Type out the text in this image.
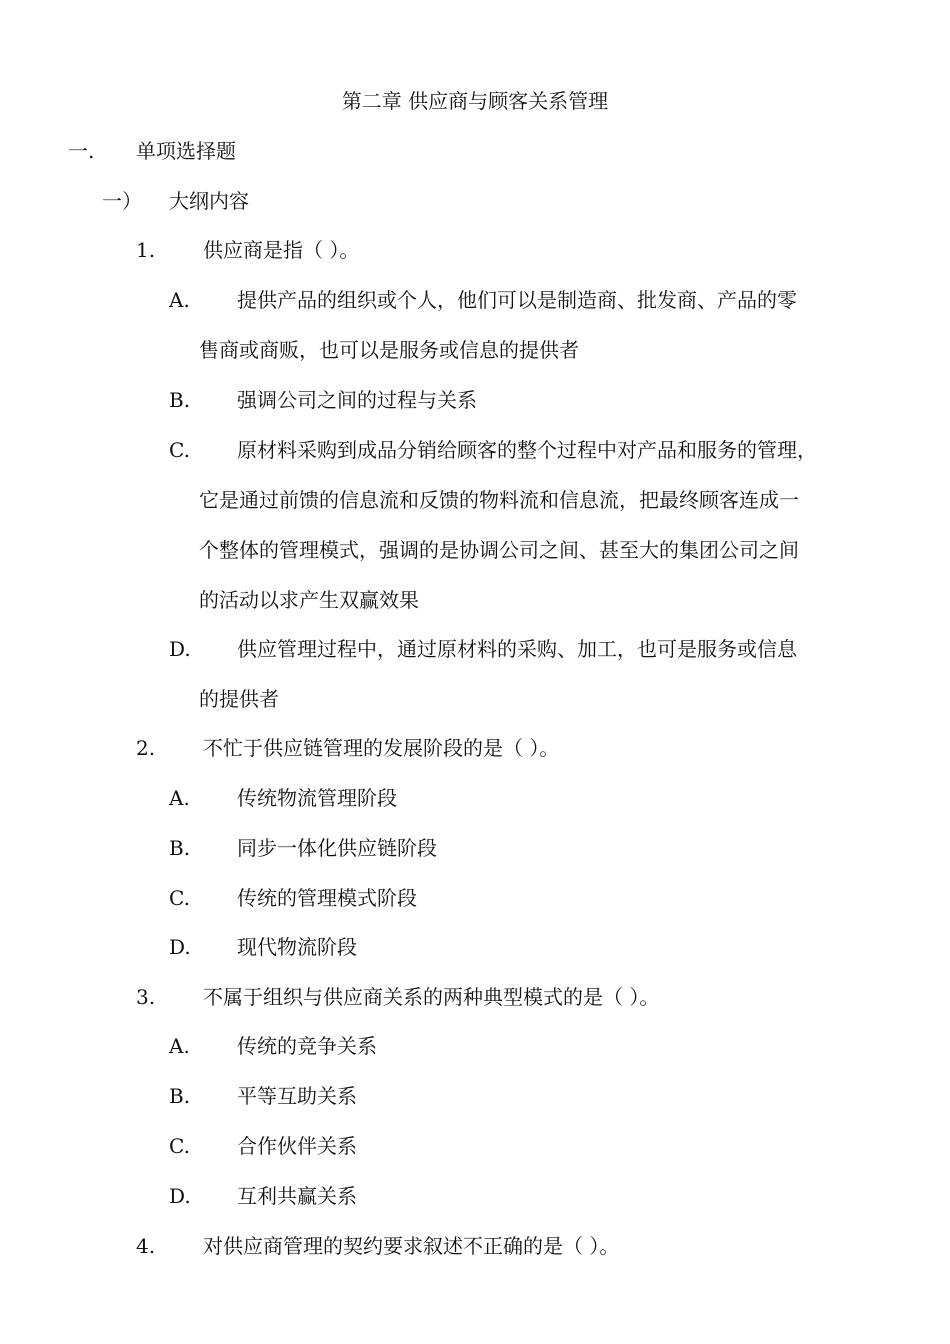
第二章 供应商与顾客关系管理
一. 单项选择题
一） 大纲内容
1. 供应商是指（ ）。
A. 提供产品的组织或个人，他们可以是制造商、批发商、产品的零
售商或商贩，也可以是服务或信息的提供者
B. 强调公司之间的过程与关系
C. 原材料采购到成品分销给顾客的整个过程中对产品和服务的管理，
它是通过前馈的信息流和反馈的物料流和信息流，把最终顾客连成一
个整体的管理模式，强调的是协调公司之间、甚至大的集团公司之间
的活动以求产生双赢效果
D. 供应管理过程中，通过原材料的采购、加工，也可是服务或信息
的提供者
2. 不忙于供应链管理的发展阶段的是（ ）。
A. 传统物流管理阶段
B. 同步一体化供应链阶段
C. 传统的管理模式阶段
D. 现代物流阶段
3. 不属于组织与供应商关系的两种典型模式的是（ ）。
A. 传统的竞争关系
B. 平等互助关系
C. 合作伙伴关系
D. 互利共赢关系
4. 对供应商管理的契约要求叙述不正确的是（ ）。
